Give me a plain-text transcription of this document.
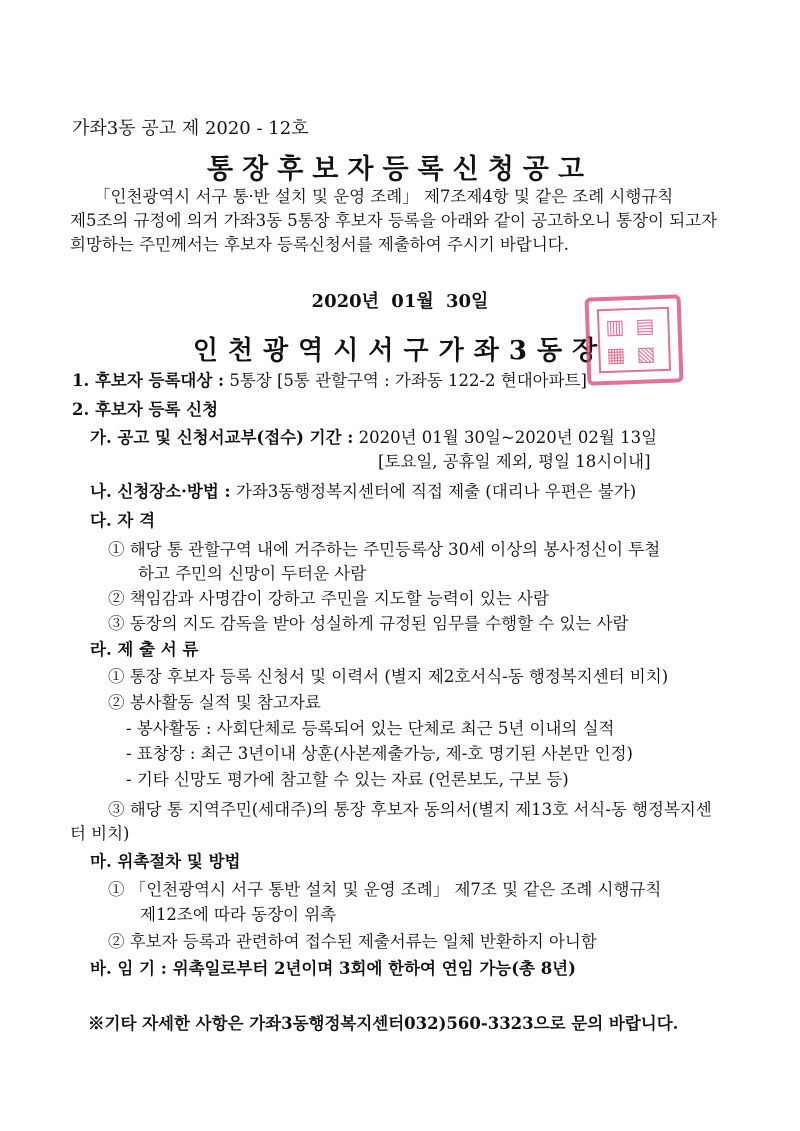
가좌3동 공고 제 2020 - 12호
통장후보자등록신청공고
「인천광역시 서구 통·반 설치 및 운영 조례」 제7조제4항 및 같은 조례 시행규칙
제5조의 규정에 의거 가좌3동 5통장 후보자 등록을 아래와 같이 공고하오니 통장이 되고자
희망하는 주민께서는 후보자 등록신청서를 제출하여 주시기 바랍니다.
2020년 01월 30일
인천광역시서구가좌3동장
▥ ▤
▦ ▧
1. 후보자 등록대상 : 5통장 [5통 관할구역 : 가좌동 122-2 현대아파트]
2. 후보자 등록 신청
가. 공고 및 신청서교부(접수) 기간 : 2020년 01월 30일~2020년 02월 13일
[토요일, 공휴일 제외, 평일 18시이내]
나. 신청장소·방법 : 가좌3동행정복지센터에 직접 제출 (대리나 우편은 불가)
다. 자 격
① 해당 통 관할구역 내에 거주하는 주민등록상 30세 이상의 봉사정신이 투철
하고 주민의 신망이 두터운 사람
② 책임감과 사명감이 강하고 주민을 지도할 능력이 있는 사람
③ 동장의 지도 감독을 받아 성실하게 규정된 임무를 수행할 수 있는 사람
라. 제 출 서 류
① 통장 후보자 등록 신청서 및 이력서 (별지 제2호서식-동 행정복지센터 비치)
② 봉사활동 실적 및 참고자료
- 봉사활동 : 사회단체로 등록되어 있는 단체로 최근 5년 이내의 실적
- 표창장 : 최근 3년이내 상훈(사본제출가능, 제-호 명기된 사본만 인정)
- 기타 신망도 평가에 참고할 수 있는 자료 (언론보도, 구보 등)
③ 해당 통 지역주민(세대주)의 통장 후보자 동의서(별지 제13호 서식-동 행정복지센
터 비치)
마. 위촉절차 및 방법
① 「인천광역시 서구 통반 설치 및 운영 조례」 제7조 및 같은 조례 시행규칙
제12조에 따라 동장이 위촉
② 후보자 등록과 관련하여 접수된 제출서류는 일체 반환하지 아니함
바. 임 기 : 위촉일로부터 2년이며 3회에 한하여 연임 가능(총 8년)
※기타 자세한 사항은 가좌3동행정복지센터032)560-3323으로 문의 바랍니다.
